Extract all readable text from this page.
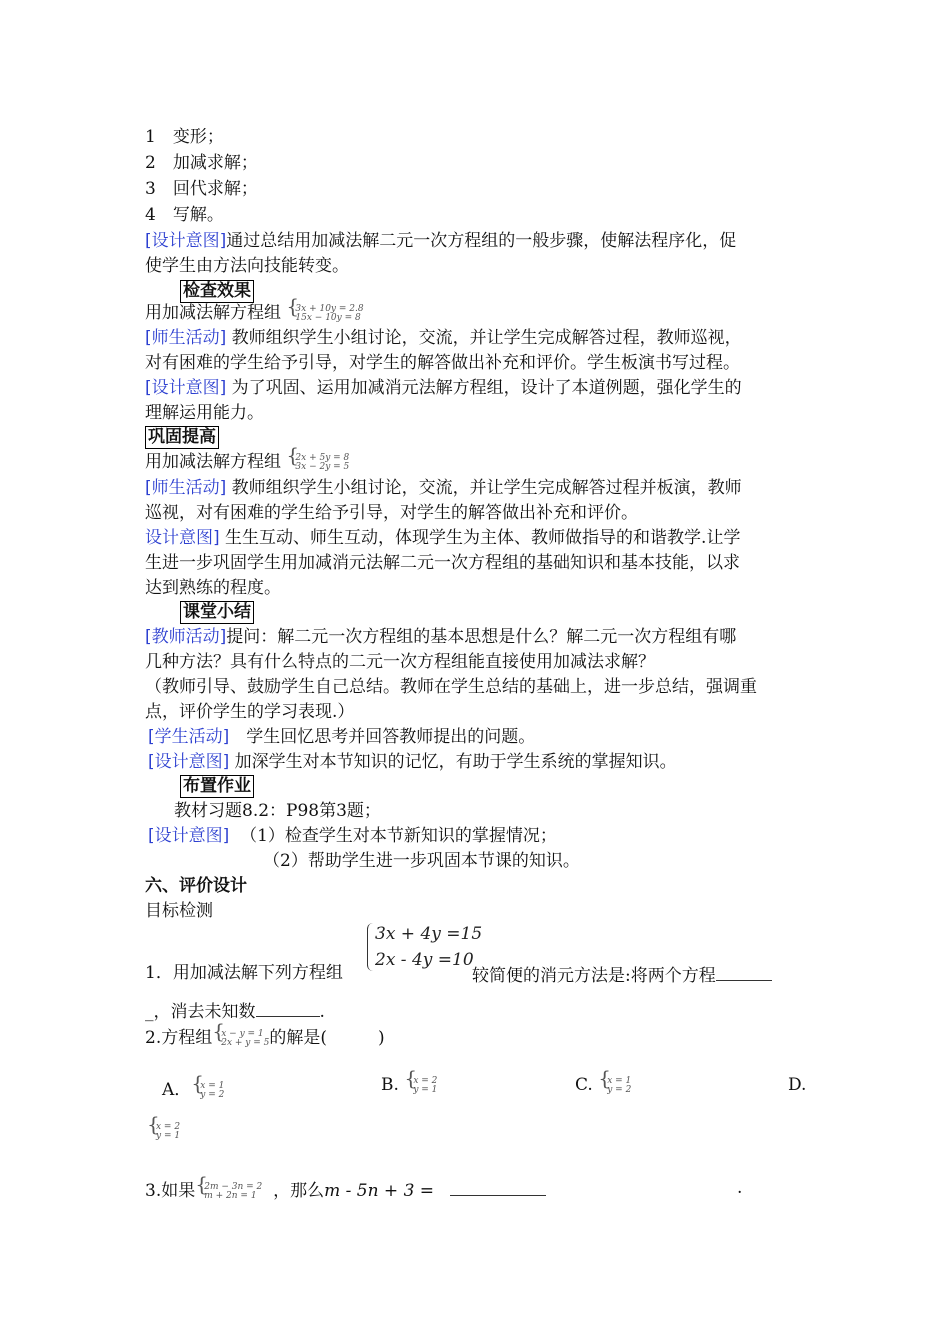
1　变形；
2　加减求解；
3　回代求解；
4　写解。
[设计意图]通过总结用加减法解二元一次方程组的一般步骤，使解法程序化，促
使学生由方法向技能转变。
检查效果
用加减法解方程组 { 3x + 10y = 2.8
15x − 10y = 8
[师生活动] 教师组织学生小组讨论，交流，并让学生完成解答过程，教师巡视，
对有困难的学生给予引导，对学生的解答做出补充和评价。学生板演书写过程。
[设计意图] 为了巩固、运用加减消元法解方程组，设计了本道例题，强化学生的
理解运用能力。
巩固提高
用加减法解方程组 { 2x + 5y = 8
3x − 2y = 5
[师生活动] 教师组织学生小组讨论，交流，并让学生完成解答过程并板演，教师
巡视，对有困难的学生给予引导，对学生的解答做出补充和评价。
设计意图] 生生互动、师生互动，体现学生为主体、教师做指导的和谐教学.让学
生进一步巩固学生用加减消元法解二元一次方程组的基础知识和基本技能，以求
达到熟练的程度。
课堂小结
[教师活动]提问：解二元一次方程组的基本思想是什么？解二元一次方程组有哪
几种方法？具有什么特点的二元一次方程组能直接使用加减法求解？
（教师引导、鼓励学生自己总结。教师在学生总结的基础上，进一步总结，强调重
点，评价学生的学习表现.）
[学生活动]　学生回忆思考并回答教师提出的问题。
[设计意图] 加深学生对本节知识的记忆，有助于学生系统的掌握知识。
布置作业
教材习题8.2：P98第3题；
[设计意图] （1）检查学生对本节新知识的掌握情况；
（2）帮助学生进一步巩固本节课的知识。
六、评价设计
目标检测
3x + 4y =15
2x - 4y =10
1．用加减法解下列方程组	较简便的消元方法是:将两个方程
_，消去未知数	.
2.方程组 { x − y = 1
2x + y = 5 的解是(　　　)
A． { x = 1
y = 2	B. { x = 2
y = 1	C. { x = 1
y = 2	D.
{ x = 2
y = 1
3.如果 { 2m − 3n = 2
m + 2n = 1 ，那么m - 5n + 3 =	.
